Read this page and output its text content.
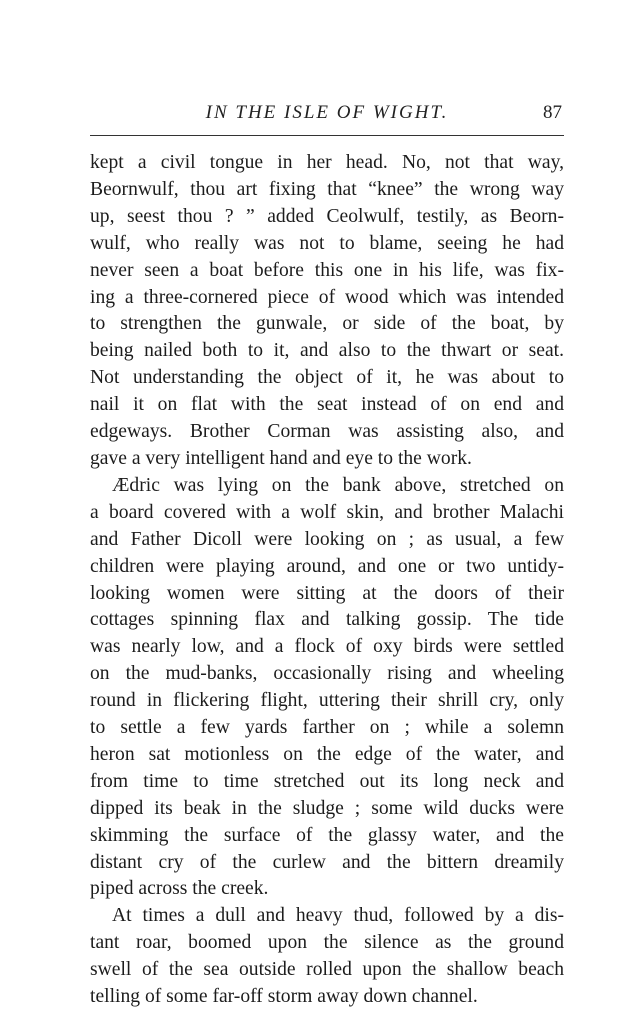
IN THE ISLE OF WIGHT.	87

kept a civil tongue in her head. No, not that way,
Beornwulf, thou art fixing that “knee” the wrong way
up, seest thou ? ” added Ceolwulf, testily, as Beorn-
wulf, who really was not to blame, seeing he had
never seen a boat before this one in his life, was fix-
ing a three-cornered piece of wood which was intended
to strengthen the gunwale, or side of the boat, by
being nailed both to it, and also to the thwart or seat.
Not understanding the object of it, he was about to
nail it on flat with the seat instead of on end and
edgeways. Brother Corman was assisting also, and
gave a very intelligent hand and eye to the work.

Ædric was lying on the bank above, stretched on
a board covered with a wolf skin, and brother Malachi
and Father Dicoll were looking on ; as usual, a few
children were playing around, and one or two untidy-
looking women were sitting at the doors of their
cottages spinning flax and talking gossip. The tide
was nearly low, and a flock of oxy birds were settled
on the mud-banks, occasionally rising and wheeling
round in flickering flight, uttering their shrill cry, only
to settle a few yards farther on ; while a solemn
heron sat motionless on the edge of the water, and
from time to time stretched out its long neck and
dipped its beak in the sludge ; some wild ducks were
skimming the surface of the glassy water, and the
distant cry of the curlew and the bittern dreamily
piped across the creek.

At times a dull and heavy thud, followed by a dis-
tant roar, boomed upon the silence as the ground
swell of the sea outside rolled upon the shallow beach
telling of some far-off storm away down channel.
